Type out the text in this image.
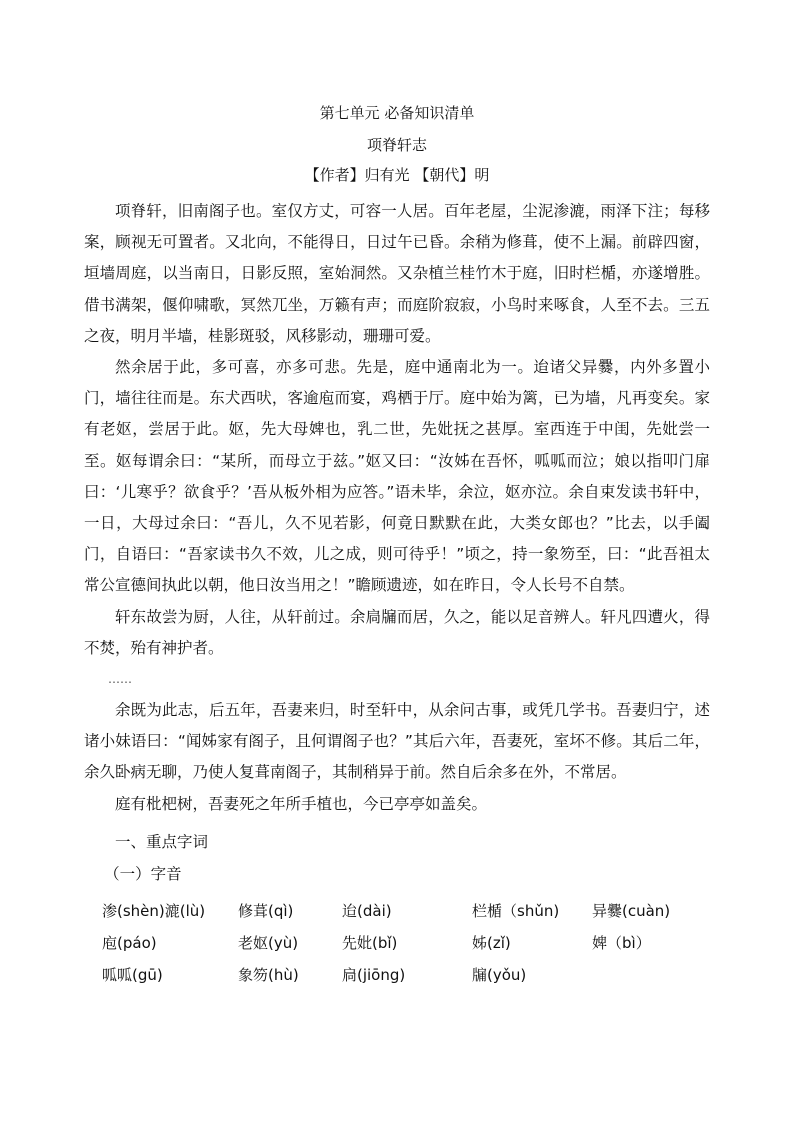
第七单元 必备知识清单
项脊轩志
【作者】归有光 【朝代】明

项脊轩，旧南阁子也。室仅方丈，可容一人居。百年老屋，尘泥渗漉，雨泽下注；每移案，顾视无可置者。又北向，不能得日，日过午已昏。余稍为修葺，使不上漏。前辟四窗，垣墙周庭，以当南日，日影反照，室始洞然。又杂植兰桂竹木于庭，旧时栏楯，亦遂增胜。借书满架，偃仰啸歌，冥然兀坐，万籁有声；而庭阶寂寂，小鸟时来啄食，人至不去。三五之夜，明月半墙，桂影斑驳，风移影动，珊珊可爱。

然余居于此，多可喜，亦多可悲。先是，庭中通南北为一。迨诸父异爨，内外多置小门，墙往往而是。东犬西吠，客逾庖而宴，鸡栖于厅。庭中始为篱，已为墙，凡再变矣。家有老妪，尝居于此。妪，先大母婢也，乳二世，先妣抚之甚厚。室西连于中闺，先妣尝一至。妪每谓余曰：“某所，而母立于兹。”妪又曰：“汝姊在吾怀，呱呱而泣；娘以指叩门扉曰：‘儿寒乎？欲食乎？’吾从板外相为应答。”语未毕，余泣，妪亦泣。余自束发读书轩中，一日，大母过余曰：“吾儿，久不见若影，何竟日默默在此，大类女郎也？”比去，以手阖门，自语曰：“吾家读书久不效，儿之成，则可待乎！”顷之，持一象笏至，曰：“此吾祖太常公宣德间执此以朝，他日汝当用之！”瞻顾遗迹，如在昨日，令人长号不自禁。

轩东故尝为厨，人往，从轩前过。余扃牖而居，久之，能以足音辨人。轩凡四遭火，得不焚，殆有神护者。

……

余既为此志，后五年，吾妻来归，时至轩中，从余问古事，或凭几学书。吾妻归宁，述诸小妹语曰：“闻姊家有阁子，且何谓阁子也？”其后六年，吾妻死，室坏不修。其后二年，余久卧病无聊，乃使人复葺南阁子，其制稍异于前。然自后余多在外，不常居。

庭有枇杷树，吾妻死之年所手植也，今已亭亭如盖矣。

一、重点字词
（一）字音
渗(shèn)漉(lù)	修葺(qì)	迨(dài)	栏楯（shǔn)	异爨(cuàn)
庖(páo)	老妪(yù)	先妣(bǐ)	姊(zǐ)	婢（bì）
呱呱(gū)	象笏(hù)	扃(jiōng)	牖(yǒu)
